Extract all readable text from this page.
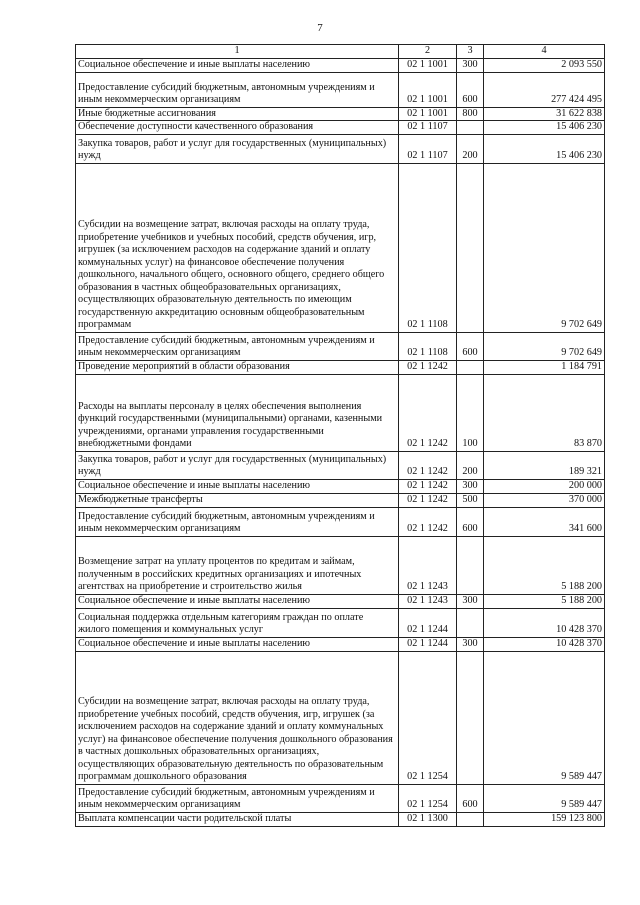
7
1	2	3	4
Социальное обеспечение и иные выплаты населению	02 1 1001	300	2 093 550
Предоставление субсидий бюджетным, автономным учреждениям и иным некоммерческим организациям	02 1 1001	600	277 424 495
Иные бюджетные ассигнования	02 1 1001	800	31 622 838
Обеспечение доступности качественного образования	02 1 1107		15 406 230
Закупка товаров, работ и услуг для государственных (муниципальных) нужд	02 1 1107	200	15 406 230
Субсидии на возмещение затрат, включая расходы на оплату труда, приобретение учебников и учебных пособий, средств обучения, игр, игрушек (за исключением расходов на содержание зданий и оплату коммунальных услуг) на финансовое обеспечение получения дошкольного, начального общего, основного общего, среднего общего образования в частных общеобразовательных организациях, осуществляющих образовательную деятельность по имеющим государственную аккредитацию основным общеобразовательным программам	02 1 1108		9 702 649
Предоставление субсидий бюджетным, автономным учреждениям и иным некоммерческим организациям	02 1 1108	600	9 702 649
Проведение мероприятий в области образования	02 1 1242		1 184 791
Расходы на выплаты персоналу в целях обеспечения выполнения функций государственными (муниципальными) органами, казенными учреждениями, органами управления государственными внебюджетными фондами	02 1 1242	100	83 870
Закупка товаров, работ и услуг для государственных (муниципальных) нужд	02 1 1242	200	189 321
Социальное обеспечение и иные выплаты населению	02 1 1242	300	200 000
Межбюджетные трансферты	02 1 1242	500	370 000
Предоставление субсидий бюджетным, автономным учреждениям и иным некоммерческим организациям	02 1 1242	600	341 600
Возмещение затрат на уплату процентов по кредитам и займам, полученным в российских кредитных организациях и ипотечных агентствах на приобретение и строительство жилья	02 1 1243		5 188 200
Социальное обеспечение и иные выплаты населению	02 1 1243	300	5 188 200
Социальная поддержка отдельным категориям граждан по оплате жилого помещения и коммунальных услуг	02 1 1244		10 428 370
Социальное обеспечение и иные выплаты населению	02 1 1244	300	10 428 370
Субсидии на возмещение затрат, включая расходы на оплату труда, приобретение учебных пособий, средств обучения, игр, игрушек (за исключением расходов на содержание зданий и оплату коммунальных услуг) на финансовое обеспечение получения дошкольного образования в частных дошкольных образовательных организациях, осуществляющих образовательную деятельность по образовательным программам дошкольного образования	02 1 1254		9 589 447
Предоставление субсидий бюджетным, автономным учреждениям и иным некоммерческим организациям	02 1 1254	600	9 589 447
Выплата компенсации части родительской платы	02 1 1300		159 123 800
